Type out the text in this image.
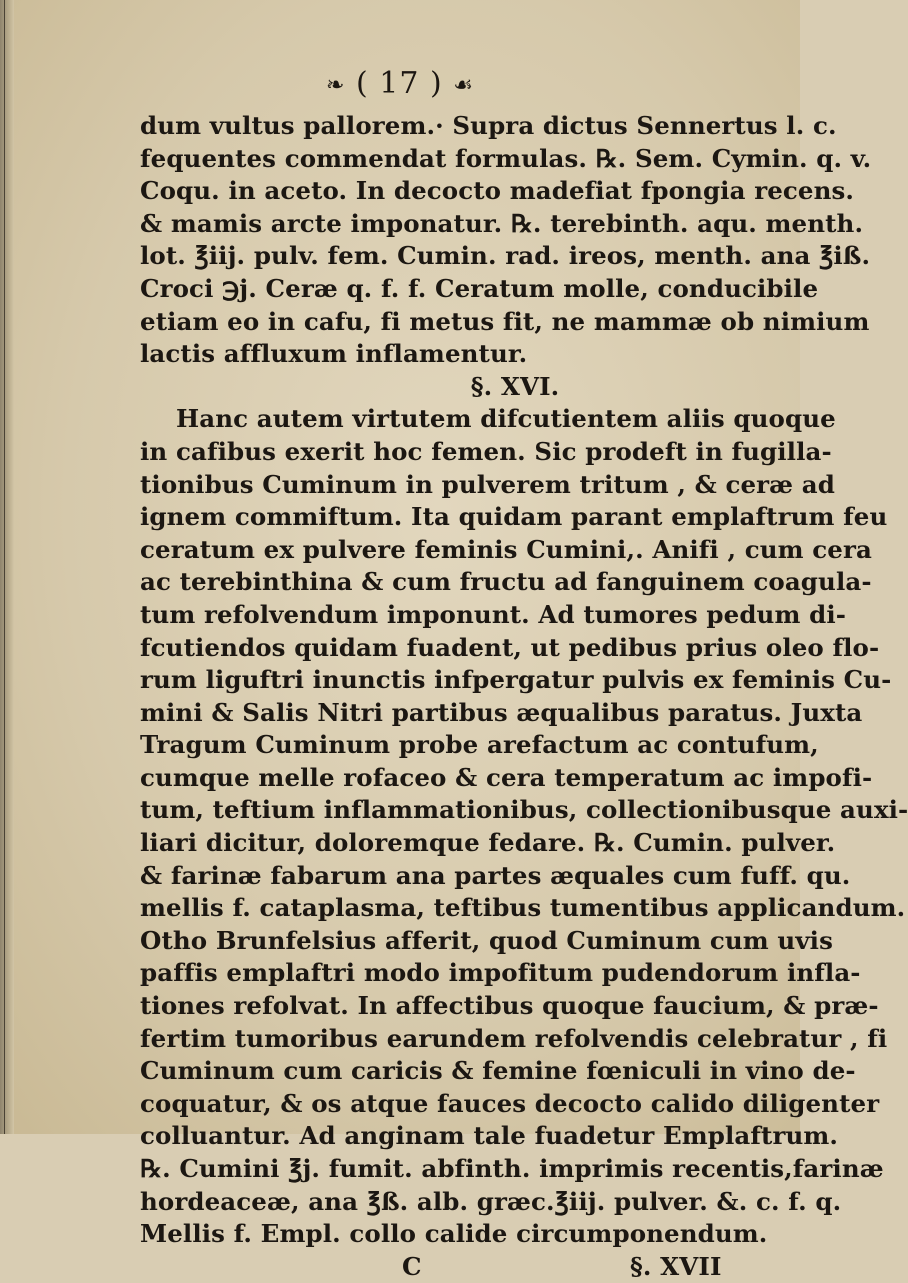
❧ ( 17 ) ☙
dum vultus pallorem.· Supra dictus Sennertus l. c.
fequentes commendat formulas. ℞. Sem. Cymin. q. v.
Coqu. in aceto. In decocto madefiat fpongia recens.
& mamis arcte imponatur. ℞. terebinth. aqu. menth.
lot. ℥iij. pulv. fem. Cumin. rad. ireos, menth. ana ℥iß.
Croci ℈j. Ceræ q. f. f. Ceratum molle, conducibile
etiam eo in cafu, fi metus fit, ne mammæ ob nimium
lactis affluxum inflamentur.
§. XVI.
Hanc autem virtutem difcutientem aliis quoque
in cafibus exerit hoc femen. Sic prodeft in fugilla-
tionibus Cuminum in pulverem tritum , & ceræ ad
ignem commiftum. Ita quidam parant emplaftrum feu
ceratum ex pulvere feminis Cumini,. Anifi , cum cera
ac terebinthina & cum fructu ad fanguinem coagula-
tum refolvendum imponunt. Ad tumores pedum di-
fcutiendos quidam fuadent, ut pedibus prius oleo flo-
rum liguftri inunctis infpergatur pulvis ex feminis Cu-
mini & Salis Nitri partibus æqualibus paratus. Juxta
Tragum Cuminum probe arefactum ac contufum,
cumque melle rofaceo & cera temperatum ac impofi-
tum, teftium inflammationibus, collectionibusque auxi-
liari dicitur, doloremque fedare. ℞. Cumin. pulver.
& farinæ fabarum ana partes æquales cum fuff. qu.
mellis f. cataplasma, teftibus tumentibus applicandum.
Otho Brunfelsius afferit, quod Cuminum cum uvis
paffis emplaftri modo impofitum pudendorum infla-
tiones refolvat. In affectibus quoque faucium, & præ-
fertim tumoribus earundem refolvendis celebratur , fi
Cuminum cum caricis & femine fœniculi in vino de-
coquatur, & os atque fauces decocto calido diligenter
colluantur. Ad anginam tale fuadetur Emplaftrum.
℞. Cumini ℥j. fumit. abfinth. imprimis recentis,farinæ
hordeaceæ, ana ℥ß. alb. græc.℥iij. pulver. &. c. f. q.
Mellis f. Empl. collo calide circumponendum.
C	§. XVII
